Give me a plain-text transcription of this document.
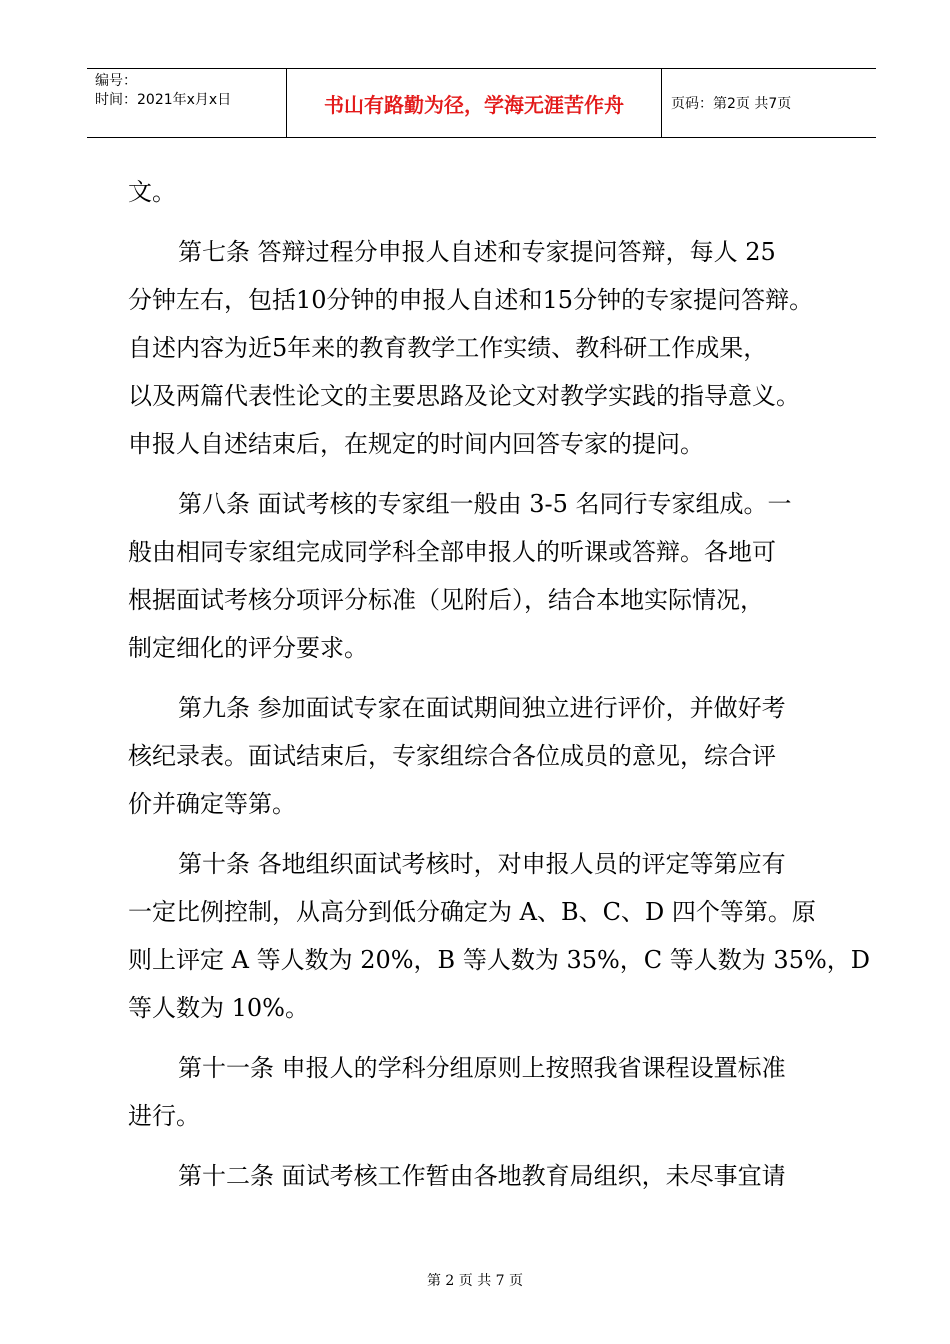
编号：
时间：2021年x月x日	书山有路勤为径，学海无涯苦作舟	页码：第2页 共7页
文。
第七条 答辩过程分申报人自述和专家提问答辩，每人 25
分钟左右，包括10分钟的申报人自述和15分钟的专家提问答辩。
自述内容为近5年来的教育教学工作实绩、教科研工作成果，
以及两篇代表性论文的主要思路及论文对教学实践的指导意义。
申报人自述结束后，在规定的时间内回答专家的提问。
第八条 面试考核的专家组一般由 3-5 名同行专家组成。一
般由相同专家组完成同学科全部申报人的听课或答辩。各地可
根据面试考核分项评分标准（见附后），结合本地实际情况，
制定细化的评分要求。
第九条 参加面试专家在面试期间独立进行评价，并做好考
核纪录表。面试结束后，专家组综合各位成员的意见，综合评
价并确定等第。
第十条 各地组织面试考核时，对申报人员的评定等第应有
一定比例控制，从高分到低分确定为 A、B、C、D 四个等第。原
则上评定 A 等人数为 20%，B 等人数为 35%，C 等人数为 35%，D
等人数为 10%。
第十一条 申报人的学科分组原则上按照我省课程设置标准
进行。
第十二条 面试考核工作暂由各地教育局组织，未尽事宜请
第 2 页 共 7 页
